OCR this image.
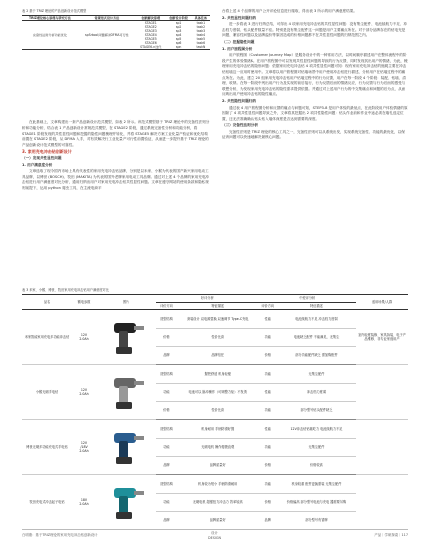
表 2 基于 TRIZ 理论的产品创新设计范式模型
TRIZ理论核心原理与研究方法	常规范式设计方法	创新解决原理	创新设计阶段	具体任务
完备性法则分析功能优化	spSrkool问题解决DFMA可行性	STAGE1	sp1	task1
		STAGE2	sp2	task2
		STAGE3	sp3	task3
		STAGE4	sp4	task4
		STAGE5	sp5	task5
		STAGE6	sp6	task6
		STAGE6-n迭代	spn	taskN

在此基础上，文章构建出一套产品创新设计范式模型，如表 2 所示。该范式模型基于 TRIZ 理论中的完备性法则分析和功能分析，结合表 1 产品创新设计常规范式模型，在 STAGE2 阶段，通过系统完备性分析和功能分析，将 STAGE1 阶段发现的共性显性问题和挖掘的隐性问题梳理并转化，并将 STAGE5 解决方案工业化量产验证和优化结构前置在 STAGE2 阶段，从 DFMA 入手，对有效解决行工业化量产可行性前置验证，从而进一步提升基于 TRIZ 理论的产品创新设计范式模型的可靠性。

3. 家用充电冲击钻创新设计

（一）发现共性显性问题

1. 用户满意度分析

文章选取了现今国内市场上具有代表性的家用充电冲击钻品牌，分别是以米家、小猴为代表的国产新兴家用电动工具品牌，以博世 (BOSCH)、牧田 (MAKITA) 为代表的国外老牌家用电动工具品牌。通过对上述 4 个品牌的家用充电冲击钻进行用户满意度对比分析，通用归纳出用户对家用充电冲击钻共性显性问题。文章在遵守网站的使用条款和隐私规则前提下，运用 python 爬虫工具，在主流电商平

台将上述 4 个品牌的用户公开评论信息进行爬取，得出表 3 所示的用户满意度结果。

2. 共性显性问题归纳

进一步将表 3 进行归纳总结，可得出 4 项家用充电冲击钻的共性显性问题：没有集尘配件、电池续航力不足、冲击档力度弱、钻头配件数量不佳。特别是没有集尘配件这一问题是用户主要痛点所在。对于部分品牌存在的钻电充是问题、兼容性问题以及品牌溢价等原因造成的价格问题都不在共性显性问题的归纳范围之内。

（二）挖掘隐性问题

1. 用户旅程图分析

用户旅程图（Customer Journey Map）是服务设计中的一种常用方法，以时间顺序描述用户在整体流程中的阶段产生的体验情绪$。在用户旅程图中可以发现共性显性问题的导致的行为反馈，同时发现其出用户的情绪，为此，梳理家用充电冲击钻的隐形问题：依据家用充电冲击钻 4 项共性显性问题可知：现有家用充电冲击钻的缩爬主要在冲击钻钻墙这一应用时使用中。文章将以用户旅程图对钻墙场景中用户使用冲击钻进行描述，分析用户在钻墙过程中的痛点所在。为此，建立 20 组家用充电冲击钻用户钻墙过程中的行为反馈，用户在每一阶段 4 个阶段：装配、钻墙、清理、收纳。在每一阶段中列出用户行为及实现的前后接行，行为反馈后而的情绪反应，行为反馈与行为后而的感受与联想分析，为发现家用充电冲击钻的隐性需求提供依据。并通过对上述用户行为的中交集痛点和问题的后为点，从而反映出用户使用冲击钻的隐性痛点。

2. 共性隐性问题归纳

通过表 4 用户旅程图分析和反馈的痛点与问题可知，STEP3-8 是用户体验的最低点，在此阶段用户体验情绪的原因除了 4 项共性显性问题导致之外，文章将其挖掘出 2 项共性隐性问题：钻头作业前和作业中途必须在墙孔选定位置，还无法准确确认钻头钻入墙体深度是否达到需要的深度。

（三）完备性法则分析

完备性法则是 TRIZ 理论的核心工具之一，完备性法则可以从系统出发，实现系统完备性、功能的最优化，以保证该问题可以快速地解决最核心问题。

表 3 米家、小猴、博世、牧田家用充电冲击钻用户满意度对比
品名	额电参数	图片	好评分析		中差评分析		适用场景/人群
			评价方向	特征描述	评价方向	特征描述	
米家智能家用充电多功能冲击钻	12V
2.0Ah		造型结构	套装设计 双电源替换 双速调节 Type-C充电	性能	电池续航力不足 冲击档力度弱	室内轻度装修、家具拆装、电子产品维修、非专业家庭用户
			价格	性价比高	功能	电池缺乏配件 不能满足，无集尘	
			品牌	品牌信任	价格	部分功能配件缺乏 需加购配件	
小猴无刷手电钻	12V
2.0Ah		造型结构	握把舒适 机身轻便	功能	无集尘配件	
			功能	电池可以 脉冲操作（可调整力矩）不发烫	性能	冲击档力度弱	
			价格	性价比高	功能	部分型号钻头配件缺乏	
博世无刷多功能充电式手电钻	12V
/18V
2.0Ah		造型结构	机身耐用 手柄防滑好握	性能	12V冲击钻钻墙吃力 电池续航力不足	
			功能	无刷电机 操作便捷直观	功能	无集尘配件	
			品牌	品牌质量好	价格	价格较高	
牧田充电式冲击起子电钻	18V
2.0Ah		造型结构	机身较为短小 手柄防滑耐用	功能	机身较重 配件更换需装 无集尘配件	
			功能	无刷电机 超强扭力冲击力 效率较高	价格	价格偏高 部分型号电池与充电 器需要另购	
			品牌	品牌质量好	品牌	部分型号有冒牌	
白明康：基于TRIZ理论的家用充电冲击钻创新设计	设计
DESIGN
产品｜学研探索｜117
